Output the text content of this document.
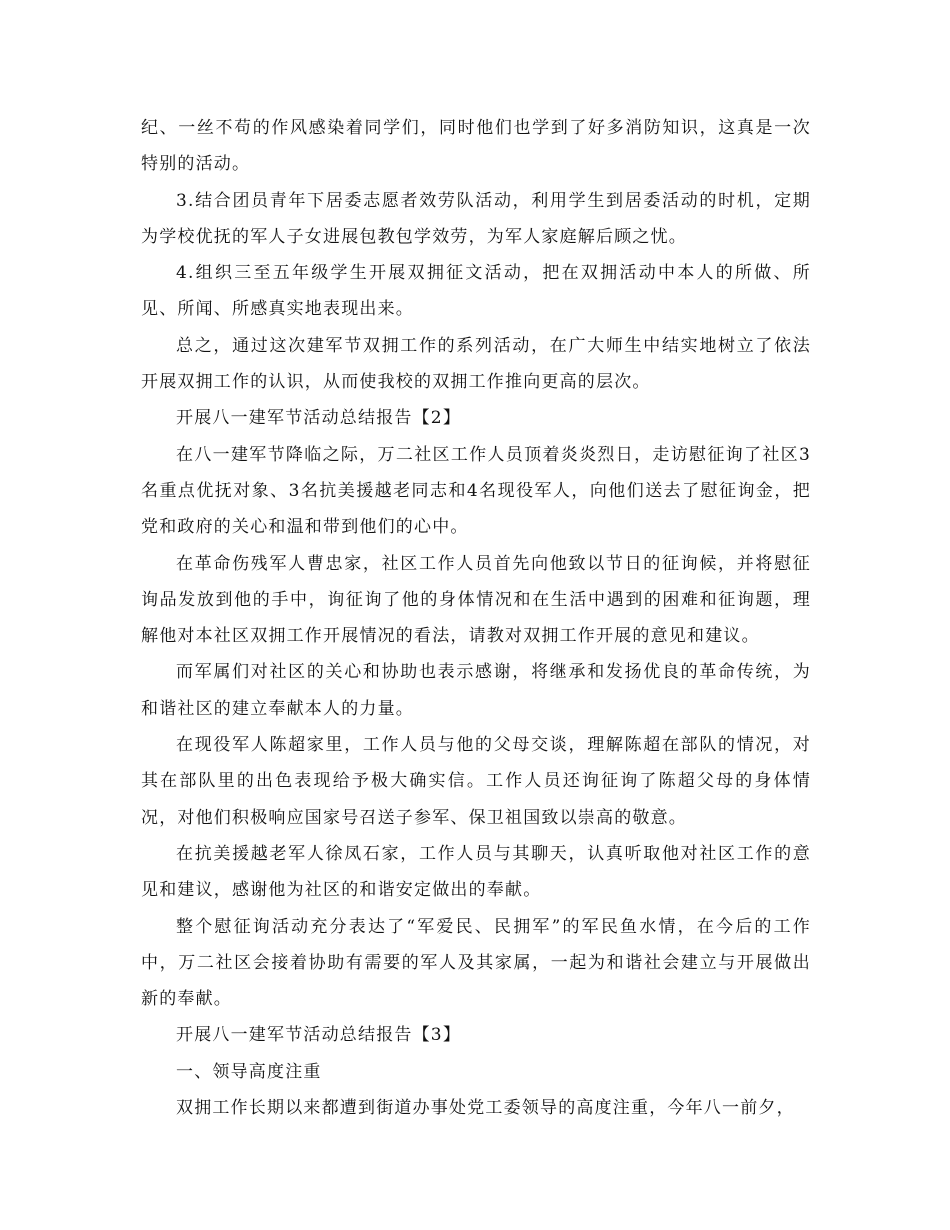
纪、一丝不苟的作风感染着同学们，同时他们也学到了好多消防知识，这真是一次特别的活动。

3.结合团员青年下居委志愿者效劳队活动，利用学生到居委活动的时机，定期为学校优抚的军人子女进展包教包学效劳，为军人家庭解后顾之忧。

4.组织三至五年级学生开展双拥征文活动，把在双拥活动中本人的所做、所见、所闻、所感真实地表现出来。

总之，通过这次建军节双拥工作的系列活动，在广大师生中结实地树立了依法开展双拥工作的认识，从而使我校的双拥工作推向更高的层次。

开展八一建军节活动总结报告【2】

在八一建军节降临之际，万二社区工作人员顶着炎炎烈日，走访慰征询了社区3名重点优抚对象、3名抗美援越老同志和4名现役军人，向他们送去了慰征询金，把党和政府的关心和温和带到他们的心中。

在革命伤残军人曹忠家，社区工作人员首先向他致以节日的征询候，并将慰征询品发放到他的手中，询征询了他的身体情况和在生活中遇到的困难和征询题，理解他对本社区双拥工作开展情况的看法，请教对双拥工作开展的意见和建议。

而军属们对社区的关心和协助也表示感谢，将继承和发扬优良的革命传统，为和谐社区的建立奉献本人的力量。

在现役军人陈超家里，工作人员与他的父母交谈，理解陈超在部队的情况，对其在部队里的出色表现给予极大确实信。工作人员还询征询了陈超父母的身体情况，对他们积极响应国家号召送子参军、保卫祖国致以崇高的敬意。

在抗美援越老军人徐凤石家，工作人员与其聊天，认真听取他对社区工作的意见和建议，感谢他为社区的和谐安定做出的奉献。

整个慰征询活动充分表达了“军爱民、民拥军”的军民鱼水情，在今后的工作中，万二社区会接着协助有需要的军人及其家属，一起为和谐社会建立与开展做出新的奉献。

开展八一建军节活动总结报告【3】

一、领导高度注重

双拥工作长期以来都遭到街道办事处党工委领导的高度注重，今年八一前夕，
